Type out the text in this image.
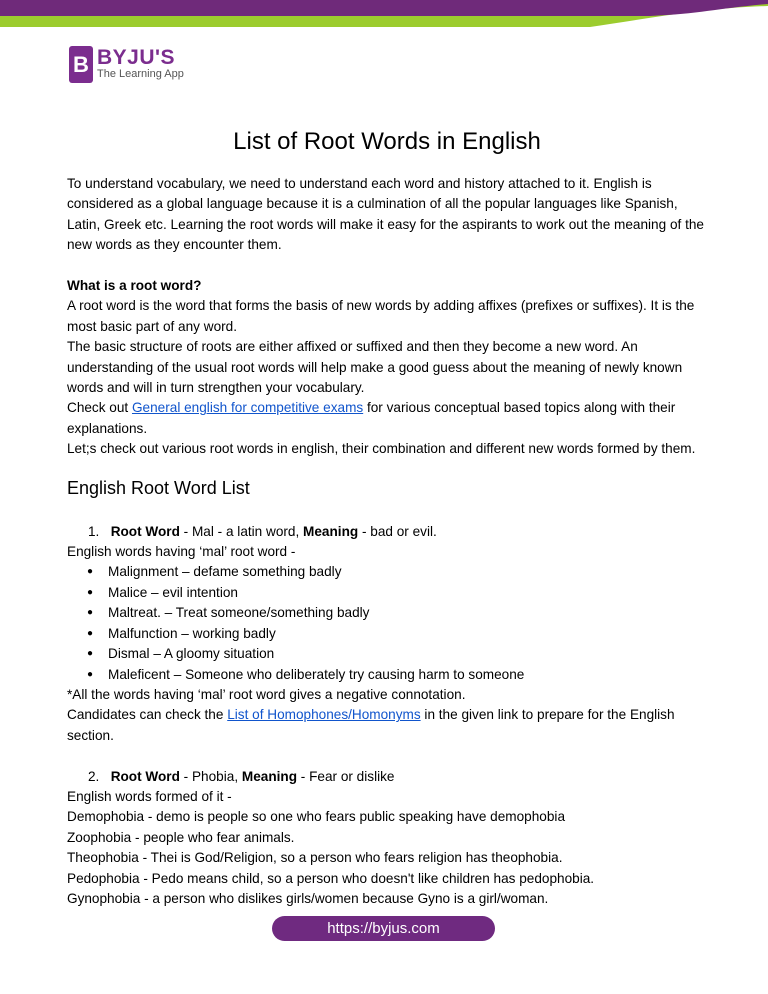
B BYJU'S
The Learning App
List of Root Words in English

To understand vocabulary, we need to understand each word and history attached to it. English is considered as a global language because it is a culmination of all the popular languages like Spanish, Latin, Greek etc. Learning the root words will make it easy for the aspirants to work out the meaning of the new words as they encounter them.

What is a root word?

A root word is the word that forms the basis of new words by adding affixes (prefixes or suffixes). It is the most basic part of any word.

The basic structure of roots are either affixed or suffixed and then they become a new word. An understanding of the usual root words will help make a good guess about the meaning of newly known words and will in turn strengthen your vocabulary.

Check out General english for competitive exams for various conceptual based topics along with their explanations.

Let;s check out various root words in english, their combination and different new words formed by them.

English Root Word List

1. Root Word - Mal - a latin word, Meaning - bad or evil.

English words having ‘mal’ root word -

● Malignment – defame something badly
● Malice – evil intention
● Maltreat. – Treat someone/something badly
● Malfunction – working badly
● Dismal – A gloomy situation
● Maleficent – Someone who deliberately try causing harm to someone

*All the words having ‘mal’ root word gives a negative connotation.

Candidates can check the List of Homophones/Homonyms in the given link to prepare for the English section.

2. Root Word - Phobia, Meaning - Fear or dislike

English words formed of it -

Demophobia - demo is people so one who fears public speaking have demophobia

Zoophobia - people who fear animals.

Theophobia - Thei is God/Religion, so a person who fears religion has theophobia.

Pedophobia - Pedo means child, so a person who doesn't like children has pedophobia.

Gynophobia - a person who dislikes girls/women because Gyno is a girl/woman.

https://byjus.com
